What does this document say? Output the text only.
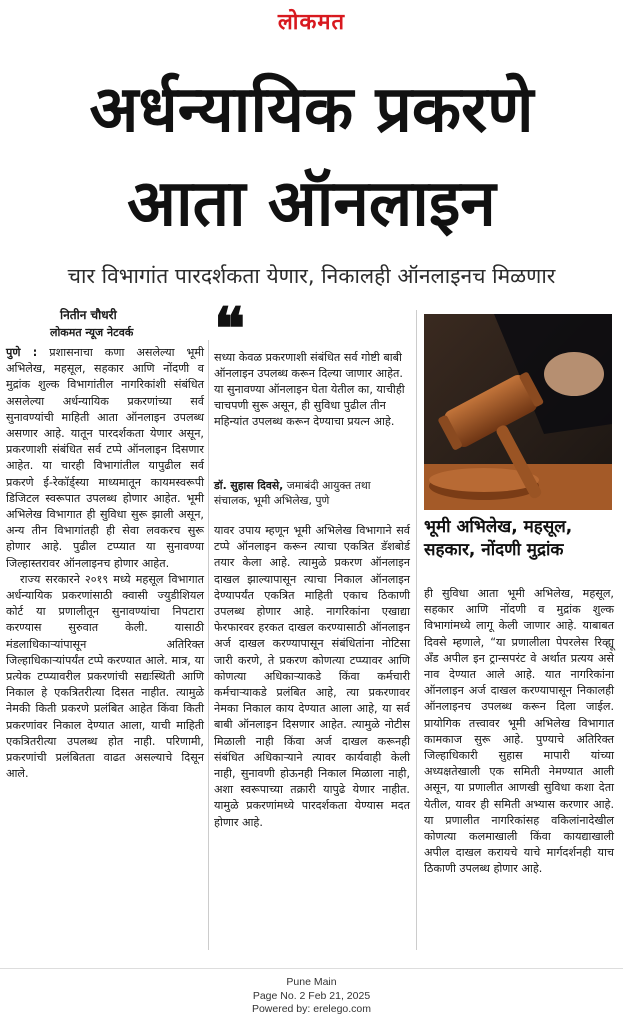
लोकमत
अर्धन्यायिक प्रकरणे
आता ऑनलाइन
चार विभागांत पारदर्शकता येणार, निकालही ऑनलाइनच मिळणार
नितीन चौधरी
लोकमत न्यूज नेटवर्क

पुणे : प्रशासनाचा कणा असलेल्या भूमी अभिलेख, महसूल, सहकार आणि नोंदणी व मुद्रांक शुल्क विभागांतील नागरिकांशी संबंधित असलेल्या अर्धन्यायिक प्रकरणांच्या सर्व सुनावण्यांची माहिती आता ऑनलाइन उपलब्ध असणार आहे. यातून पारदर्शकता येणार असून, प्रकरणाशी संबंधित सर्व टप्पे ऑनलाइन दिसणार आहेत. या चारही विभागांतील यापुढील सर्व प्रकरणे ई-रेकॉर्ड्स्या माध्यमातून कायमस्वरूपी डिजिटल स्वरूपात उपलब्ध होणार आहेत. भूमी अभिलेख विभागात ही सुविधा सुरू झाली असून, अन्य तीन विभागांतही ही सेवा लवकरच सुरू होणार आहे. पुढील टप्प्यात या सुनावण्या जिल्हास्तरावर ऑनलाइनच होणार आहेत.

राज्य सरकारने २०१९ मध्ये महसूल विभागात अर्धन्यायिक प्रकरणांसाठी क्वासी ज्युडीशियल कोर्ट या प्रणालीतून सुनावण्यांचा निपटारा करण्यास सुरुवात केली. यासाठी मंडलाधिकाऱ्यांपासून अतिरिक्त जिल्हाधिकाऱ्यांपर्यंत टप्पे करण्यात आले. मात्र, या प्रत्येक टप्प्यावरील प्रकरणांची सद्यःस्थिती आणि निकाल हे एकत्रितरीत्या दिसत नाहीत. त्यामुळे नेमकी किती प्रकरणे प्रलंबित आहेत किंवा किती प्रकरणांवर निकाल देण्यात आला, याची माहिती एकत्रितरीत्या उपलब्ध होत नाही. परिणामी, प्रकरणांची प्रलंबितता वाढत असल्याचे दिसून आले.

❝
सध्या केवळ प्रकरणाशी संबंधित सर्व गोष्टी बाबी ऑनलाइन उपलब्ध करून दिल्या जाणार आहेत. या सुनावण्या ऑनलाइन घेता येतील का, याचीही चाचपणी सुरू असून, ही सुविधा पुढील तीन महिन्यांत उपलब्ध करून देण्याचा प्रयत्न आहे.
डॉ. सुहास दिवसे, जमाबंदी आयुक्त तथा संचालक, भूमी अभिलेख, पुणे

यावर उपाय म्हणून भूमी अभिलेख विभागाने सर्व टप्पे ऑनलाइन करून त्याचा एकत्रित डॅशबोर्ड तयार केला आहे. त्यामुळे प्रकरण ऑनलाइन दाखल झाल्यापासून त्याचा निकाल ऑनलाइन देण्यापर्यंत एकत्रित माहिती एकाच ठिकाणी उपलब्ध होणार आहे. नागरिकांना एखाद्या फेरफारवर हरकत दाखल करण्यासाठी ऑनलाइन अर्ज दाखल करण्यापासून संबंधितांना नोटिसा जारी करणे, ते प्रकरण कोणत्या टप्प्यावर आणि कोणत्या अधिकाऱ्याकडे किंवा कर्मचारी कर्मचाऱ्याकडे प्रलंबित आहे, त्या प्रकरणावर नेमका निकाल काय देण्यात आला आहे, या सर्व बाबी ऑनलाइन दिसणार आहेत. त्यामुळे नोटीस मिळाली नाही किंवा अर्ज दाखल करूनही संबंधित अधिकाऱ्याने त्यावर कार्यवाही केली नाही, सुनावणी होऊनही निकाल मिळाला नाही, अशा स्वरूपाच्या तक्रारी यापुढे येणार नाहीत. यामुळे प्रकरणांमध्ये पारदर्शकता येण्यास मदत होणार आहे.

भूमी अभिलेख, महसूल, सहकार, नोंदणी मुद्रांक

ही सुविधा आता भूमी अभिलेख, महसूल, सहकार आणि नोंदणी व मुद्रांक शुल्क विभागांमध्ये लागू केली जाणार आहे. याबाबत दिवसे म्हणाले, “या प्रणालीला पेपरलेस रिव्ह्यू अँड अपील इन ट्रान्सपरंट वे अर्थात प्रत्यय असे नाव देण्यात आले आहे. यात नागरिकांना ऑनलाइन अर्ज दाखल करण्यापासून निकालही ऑनलाइनच उपलब्ध करून दिला जाईल. प्रायोगिक तत्त्वावर भूमी अभिलेख विभागात कामकाज सुरू आहे. पुण्याचे अतिरिक्त जिल्हाधिकारी सुहास मापारी यांच्या अध्यक्षतेखाली एक समिती नेमण्यात आली असून, या प्रणालीत आणखी सुविधा कशा देता येतील, यावर ही समिती अभ्यास करणार आहे. या प्रणालीत नागरिकांसह वकिलांनादेखील कोणत्या कलमाखाली किंवा कायद्याखाली अपील दाखल करायचे याचे मार्गदर्शनही याच ठिकाणी उपलब्ध होणार आहे.

Pune Main
Page No. 2 Feb 21, 2025
Powered by: erelego.com
